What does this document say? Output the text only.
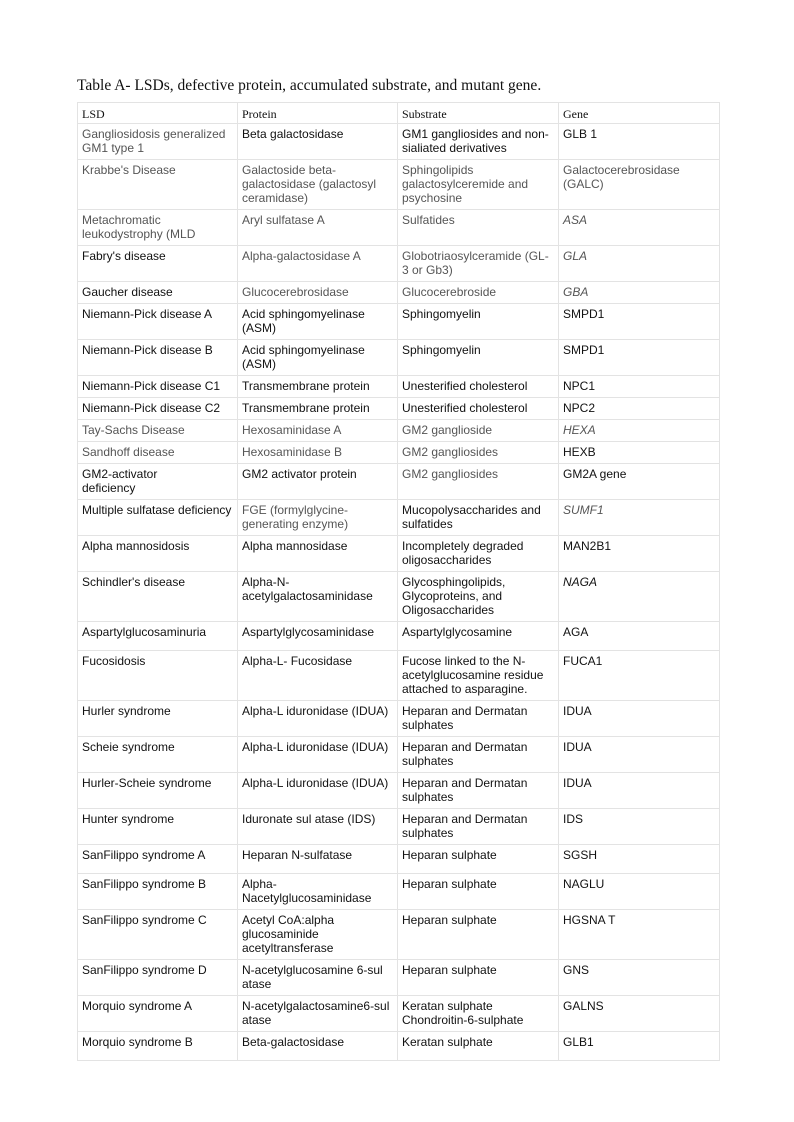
Table A- LSDs, defective protein, accumulated substrate, and mutant gene.
LSD	Protein	Substrate	Gene
Gangliosidosis generalized GM1 type 1	Beta galactosidase	GM1 gangliosides and non-sialiated derivatives	GLB 1
Krabbe's Disease	Galactoside beta-galactosidase (galactosyl ceramidase)	Sphingolipids galactosylceremide and psychosine	Galactocerebrosidase (GALC)
Metachromatic leukodystrophy (MLD	Aryl sulfatase A	Sulfatides	ASA
Fabry's disease	Alpha-galactosidase A	Globotriaosylceramide (GL-3 or Gb3)	GLA
Gaucher disease	Glucocerebrosidase	Glucocerebroside	GBA
Niemann-Pick disease A	Acid sphingomyelinase (ASM)	Sphingomyelin	SMPD1
Niemann-Pick disease B	Acid sphingomyelinase (ASM)	Sphingomyelin	SMPD1
Niemann-Pick disease C1	Transmembrane protein	Unesterified cholesterol	NPC1
Niemann-Pick disease C2	Transmembrane protein	Unesterified cholesterol	NPC2
Tay-Sachs Disease	Hexosaminidase A	GM2 ganglioside	HEXA
Sandhoff disease	Hexosaminidase B	GM2 gangliosides	HEXB

GM2-activator deficiency	GM2 activator protein	GM2 gangliosides	GM2A gene
Multiple sulfatase deficiency	FGE (formylglycine-generating enzyme)	Mucopolysaccharides and sulfatides	SUMF1
Alpha mannosidosis	Alpha mannosidase	Incompletely degraded oligosaccharides	MAN2B1
Schindler's disease	Alpha-N-acetylgalactosaminidase	Glycosphingolipids, Glycoproteins, and Oligosaccharides	NAGA
Aspartylglucosaminuria	Aspartylglycosaminidase	Aspartylglycosamine	AGA
Fucosidosis	Alpha-L- Fucosidase	Fucose linked to the N-acetylglucosamine residue attached to asparagine.	FUCA1
Hurler syndrome	Alpha-L iduronidase (IDUA)	Heparan and Dermatan sulphates	IDUA
Scheie syndrome	Alpha-L iduronidase (IDUA)	Heparan and Dermatan sulphates	IDUA
Hurler-Scheie syndrome	Alpha-L iduronidase (IDUA)	Heparan and Dermatan sulphates	IDUA
Hunter syndrome	Iduronate sul atase (IDS)	Heparan and Dermatan sulphates	IDS
SanFilippo syndrome A	Heparan N-sulfatase	Heparan sulphate	SGSH
SanFilippo syndrome B	Alpha-Nacetylglucosaminidase	Heparan sulphate	NAGLU
SanFilippo syndrome C	Acetyl CoA:alpha glucosaminide acetyltransferase	Heparan sulphate	HGSNA T
SanFilippo syndrome D	N-acetylglucosamine 6-sul atase	Heparan sulphate	GNS
Morquio syndrome A	N-acetylgalactosamine6-sul atase	Keratan sulphate Chondroitin-6-sulphate	GALNS
Morquio syndrome B	Beta-galactosidase	Keratan sulphate	GLB1
